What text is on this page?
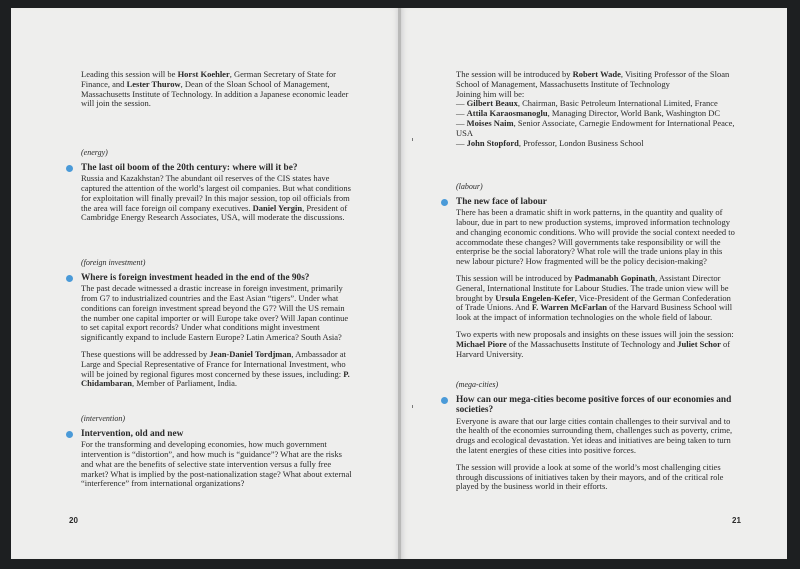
Leading this session will be Horst Koehler, German Secretary of State for Finance, and Lester Thurow, Dean of the Sloan School of Management, Massachusetts Institute of Technology. In addition a Japanese economic leader will join the session.

(energy)
The last oil boom of the 20th century: where will it be?

Russia and Kazakhstan? The abundant oil reserves of the CIS states have captured the attention of the world’s largest oil companies. But what conditions for exploitation will finally prevail? In this major session, top oil officials from the area will face foreign oil company executives. Daniel Yergin, President of Cambridge Energy Research Associates, USA, will moderate the discussions.

(foreign investment)
Where is foreign investment headed in the end of the 90s?

The past decade witnessed a drastic increase in foreign investment, primarily from G7 to industrialized countries and the East Asian “tigers”. Under what conditions can foreign investment spread beyond the G7? Will the US remain the number one capital importer or will Europe take over? Will Japan continue to set capital export records? Under what conditions might investment significantly expand to include Eastern Europe? Latin America? South Asia?

These questions will be addressed by Jean-Daniel Tordjman, Ambassador at Large and Special Representative of France for International Investment, who will be joined by regional figures most concerned by these issues, including: P. Chidambaran, Member of Parliament, India.

(intervention)
Intervention, old and new

For the transforming and developing economies, how much government intervention is “distortion”, and how much is “guidance”? What are the risks and what are the benefits of selective state intervention versus a fully free market? What is implied by the post-nationalization stage? What about external “interference” from international organizations?

20

The session will be introduced by Robert Wade, Visiting Professor of the Sloan School of Management, Massachusetts Institute of Technology

Joining him will be:
— Gilbert Beaux, Chairman, Basic Petroleum International Limited, France
— Attila Karaosmanoglu, Managing Director, World Bank, Washington DC
— Moises Naim, Senior Associate, Carnegie Endowment for International Peace, USA
— John Stopford, Professor, London Business School
(labour)
The new face of labour

There has been a dramatic shift in work patterns, in the quantity and quality of labour, due in part to new production systems, improved information technology and changing economic conditions. Who will provide the social context needed to accommodate these changes? Will governments take responsibility or will the enterprise be the social laboratory? What role will the trade unions play in this new labour picture? How fragmented will be the policy decision-making?

This session will be introduced by Padmanabh Gopinath, Assistant Director General, International Institute for Labour Studies. The trade union view will be brought by Ursula Engelen-Kefer, Vice-President of the German Confederation of Trade Unions. And F. Warren McFarlan of the Harvard Business School will look at the impact of information technologies on the whole field of labour.

Two experts with new proposals and insights on these issues will join the session: Michael Piore of the Massachusetts Institute of Technology and Juliet Schor of Harvard University.

(mega-cities)
How can our mega-cities become positive forces of our economies and societies?

Everyone is aware that our large cities contain challenges to their survival and to the health of the economies surrounding them, challenges such as poverty, crime, drugs and ecological devastation. Yet ideas and initiatives are being taken to turn the latent energies of these cities into positive forces.

The session will provide a look at some of the world’s most challenging cities through discussions of initiatives taken by their mayors, and of the critical role played by the business world in their efforts.

21
